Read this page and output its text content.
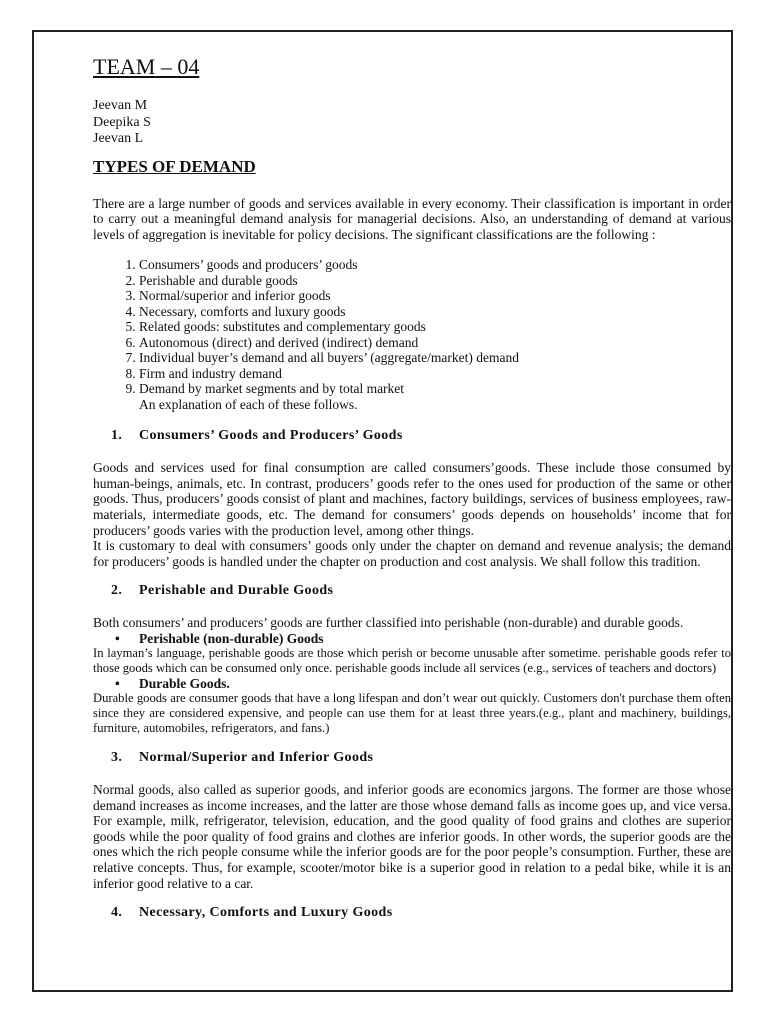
TEAM – 04
Jeevan M
Deepika S
Jeevan L
TYPES OF DEMAND

There are a large number of goods and services available in every economy. Their classification is important in order to carry out a meaningful demand analysis for managerial decisions. Also, an understanding of demand at various levels of aggregation is inevitable for policy decisions. The significant classifications are the following :

1. Consumers’ goods and producers’ goods
2. Perishable and durable goods
3. Normal/superior and inferior goods
4. Necessary, comforts and luxury goods
5. Related goods: substitutes and complementary goods
6. Autonomous (direct) and derived (indirect) demand
7. Individual buyer’s demand and all buyers’ (aggregate/market) demand
8. Firm and industry demand
9. Demand by market segments and by total market
An explanation of each of these follows.
1.	Consumers’ Goods and Producers’ Goods

Goods and services used for final consumption are called consumers’goods. These include those consumed by human-beings, animals, etc. In contrast, producers’ goods refer to the ones used for production of the same or other goods. Thus, producers’ goods consist of plant and machines, factory buildings, services of business employees, raw-materials, intermediate goods, etc. The demand for consumers’ goods depends on households’ income that for producers’ goods varies with the production level, among other things.

It is customary to deal with consumers’ goods only under the chapter on demand and revenue analysis; the demand for producers’ goods is handled under the chapter on production and cost analysis. We shall follow this tradition.

2.	Perishable and Durable Goods

Both consumers’ and producers’ goods are further classified into perishable (non-durable) and durable goods.

• Perishable (non-durable) Goods

In layman’s language, perishable goods are those which perish or become unusable after sometime. perishable goods refer to those goods which can be consumed only once. perishable goods include all services (e.g., services of teachers and doctors)

• Durable Goods.

Durable goods are consumer goods that have a long lifespan and don’t wear out quickly. Customers don't purchase them often since they are considered expensive, and people can use them for at least three years.(e.g., plant and machinery, buildings, furniture, automobiles, refrigerators, and fans.)

3.	Normal/Superior and Inferior Goods

Normal goods, also called as superior goods, and inferior goods are economics jargons. The former are those whose demand increases as income increases, and the latter are those whose demand falls as income goes up, and vice versa. For example, milk, refrigerator, television, education, and the good quality of food grains and clothes are superior goods while the poor quality of food grains and clothes are inferior goods. In other words, the superior goods are the ones which the rich people consume while the inferior goods are for the poor people’s consumption. Further, these are relative concepts. Thus, for example, scooter/motor bike is a superior good in relation to a pedal bike, while it is an inferior good relative to a car.

4.	Necessary, Comforts and Luxury Goods
